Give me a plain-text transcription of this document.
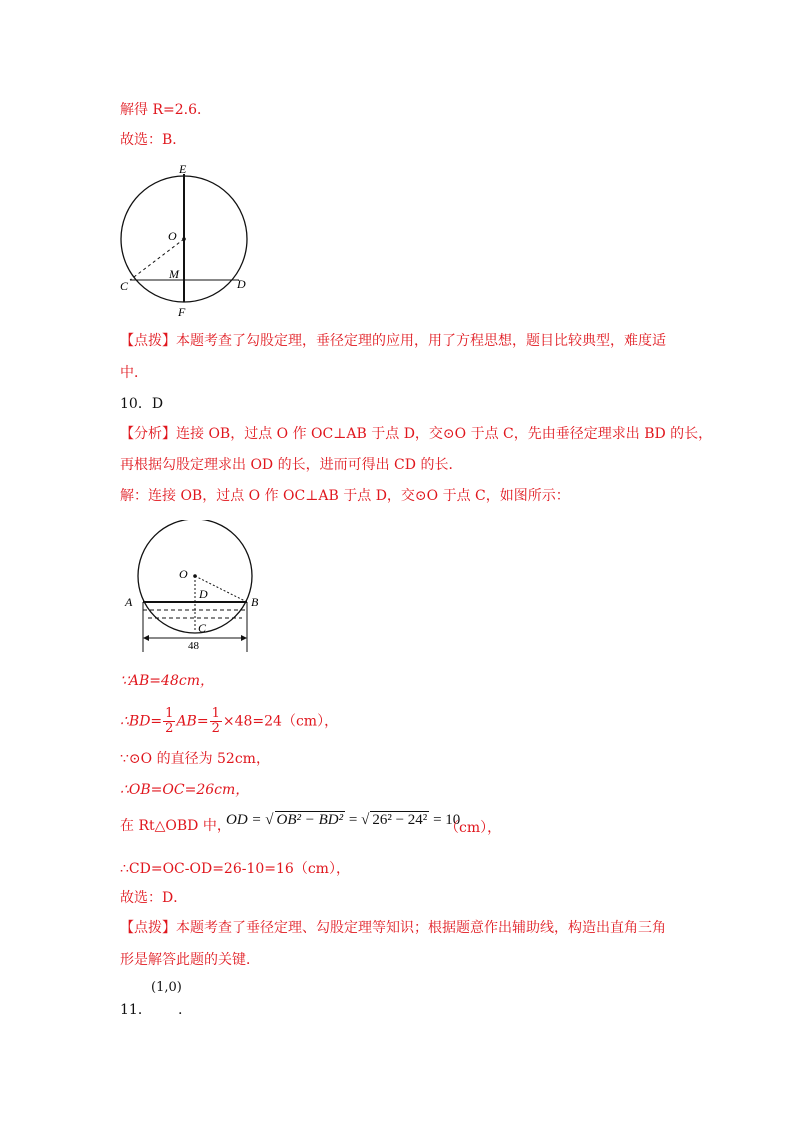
解得 R=2.6．
故选：B．
E
O
M
C	D
F
【点拨】本题考查了勾股定理，垂径定理的应用，用了方程思想，题目比较典型，难度适
中．
10．D
【分析】连接 OB，过点 O 作 OC⊥AB 于点 D，交⊙O 于点 C，先由垂径定理求出 BD 的长，
再根据勾股定理求出 OD 的长，进而可得出 CD 的长．
解：连接 OB，过点 O 作 OC⊥AB 于点 D，交⊙O 于点 C，如图所示：
O
D
A	B
C
48
∵AB=48cm，
∴BD= $\frac{1}{2} AB= \frac{1}{2} \times 48=24(cm)$，
∵⊙O 的直径为 52cm，
∴OB=OC=26cm，
在 Rt△OBD 中，
OD = √ OB² − BD² = √ 26² − 24² = 10
（cm），
∴CD=OC-OD=26-10=16（cm），
故选：D．
【点拨】本题考查了垂径定理、勾股定理等知识；根据题意作出辅助线，构造出直角三角
形是解答此题的关键．
11．
(1,0)
.
